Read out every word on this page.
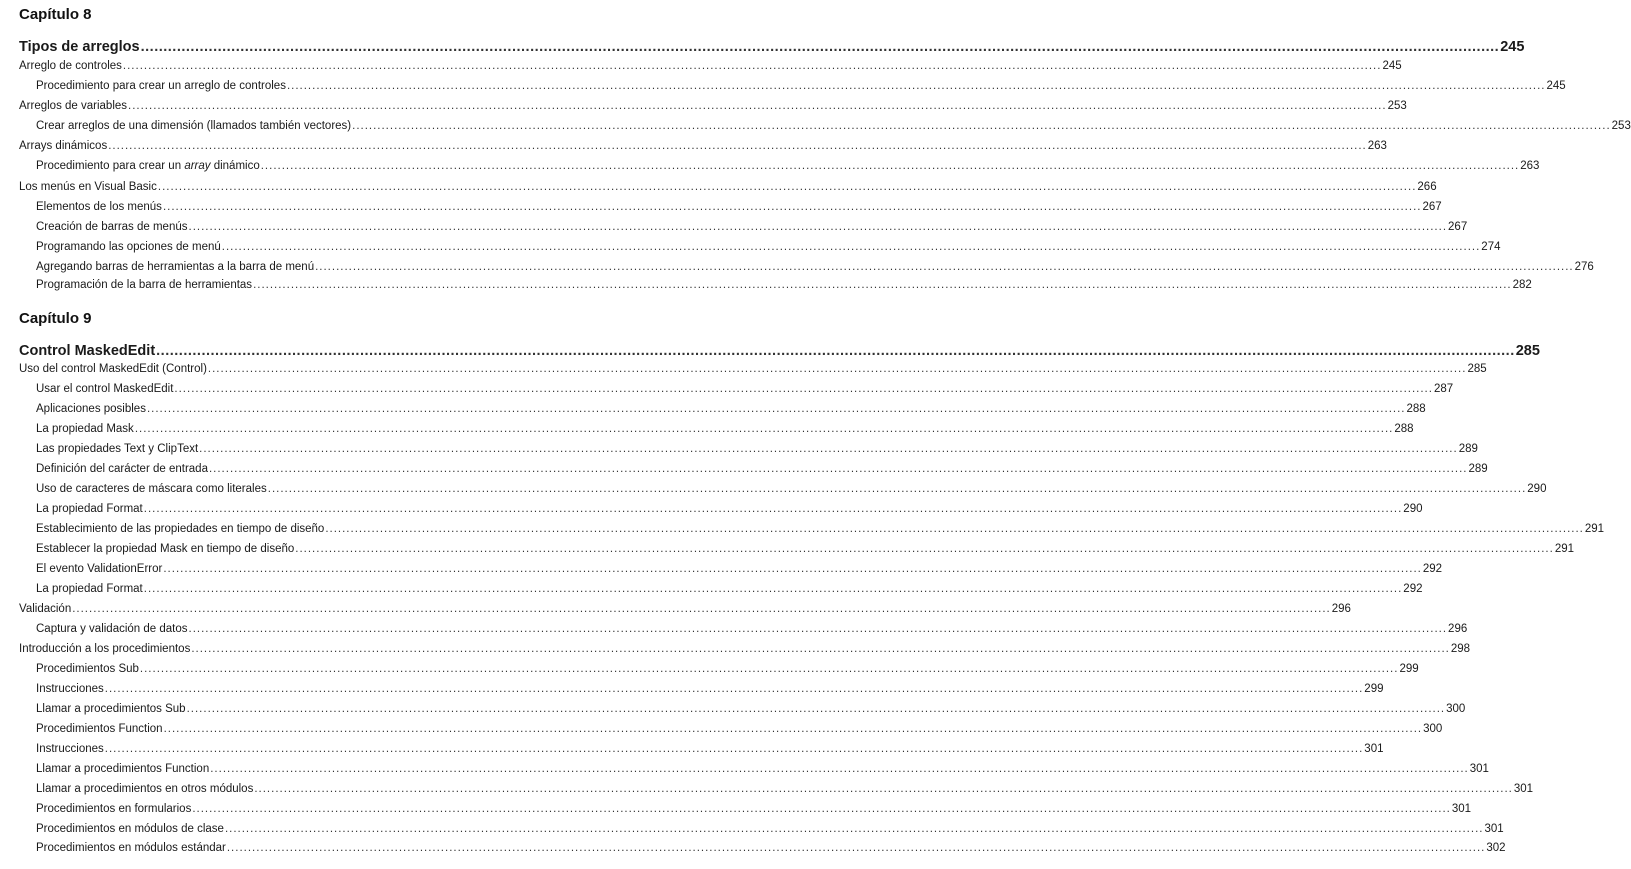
Capítulo 8
Tipos de arreglos ............................................................................................................................................................................................................................................................................................................ 245
Arreglo de controles ............................................................................................................................................................................................................................................................................................................ 245
Procedimiento para crear un arreglo de controles ............................................................................................................................................................................................................................................................................................................ 245
Arreglos de variables ............................................................................................................................................................................................................................................................................................................ 253
Crear arreglos de una dimensión (llamados también vectores) ............................................................................................................................................................................................................................................................................................................ 253
Arrays dinámicos ............................................................................................................................................................................................................................................................................................................ 263
Procedimiento para crear un array dinámico ............................................................................................................................................................................................................................................................................................................ 263
Los menús en Visual Basic ............................................................................................................................................................................................................................................................................................................ 266
Elementos de los menús ............................................................................................................................................................................................................................................................................................................ 267
Creación de barras de menús ............................................................................................................................................................................................................................................................................................................ 267
Programando las opciones de menú ............................................................................................................................................................................................................................................................................................................ 274
Agregando barras de herramientas a la barra de menú ............................................................................................................................................................................................................................................................................................................ 276
Programación de la barra de herramientas ............................................................................................................................................................................................................................................................................................................ 282
Capítulo 9
Control MaskedEdit ............................................................................................................................................................................................................................................................................................................ 285
Uso del control MaskedEdit (Control) ............................................................................................................................................................................................................................................................................................................ 285
Usar el control MaskedEdit ............................................................................................................................................................................................................................................................................................................ 287
Aplicaciones posibles ............................................................................................................................................................................................................................................................................................................ 288
La propiedad Mask ............................................................................................................................................................................................................................................................................................................ 288
Las propiedades Text y ClipText ............................................................................................................................................................................................................................................................................................................ 289
Definición del carácter de entrada ............................................................................................................................................................................................................................................................................................................ 289
Uso de caracteres de máscara como literales ............................................................................................................................................................................................................................................................................................................ 290
La propiedad Format ............................................................................................................................................................................................................................................................................................................ 290
Establecimiento de las propiedades en tiempo de diseño ............................................................................................................................................................................................................................................................................................................ 291
Establecer la propiedad Mask en tiempo de diseño ............................................................................................................................................................................................................................................................................................................ 291
El evento ValidationError ............................................................................................................................................................................................................................................................................................................ 292
La propiedad Format ............................................................................................................................................................................................................................................................................................................ 292
Validación ............................................................................................................................................................................................................................................................................................................ 296
Captura y validación de datos ............................................................................................................................................................................................................................................................................................................ 296
Introducción a los procedimientos ............................................................................................................................................................................................................................................................................................................ 298
Procedimientos Sub ............................................................................................................................................................................................................................................................................................................ 299
Instrucciones ............................................................................................................................................................................................................................................................................................................ 299
Llamar a procedimientos Sub ............................................................................................................................................................................................................................................................................................................ 300
Procedimientos Function ............................................................................................................................................................................................................................................................................................................ 300
Instrucciones ............................................................................................................................................................................................................................................................................................................ 301
Llamar a procedimientos Function ............................................................................................................................................................................................................................................................................................................ 301
Llamar a procedimientos en otros módulos ............................................................................................................................................................................................................................................................................................................ 301
Procedimientos en formularios ............................................................................................................................................................................................................................................................................................................ 301
Procedimientos en módulos de clase ............................................................................................................................................................................................................................................................................................................ 301
Procedimientos en módulos estándar ............................................................................................................................................................................................................................................................................................................ 302
